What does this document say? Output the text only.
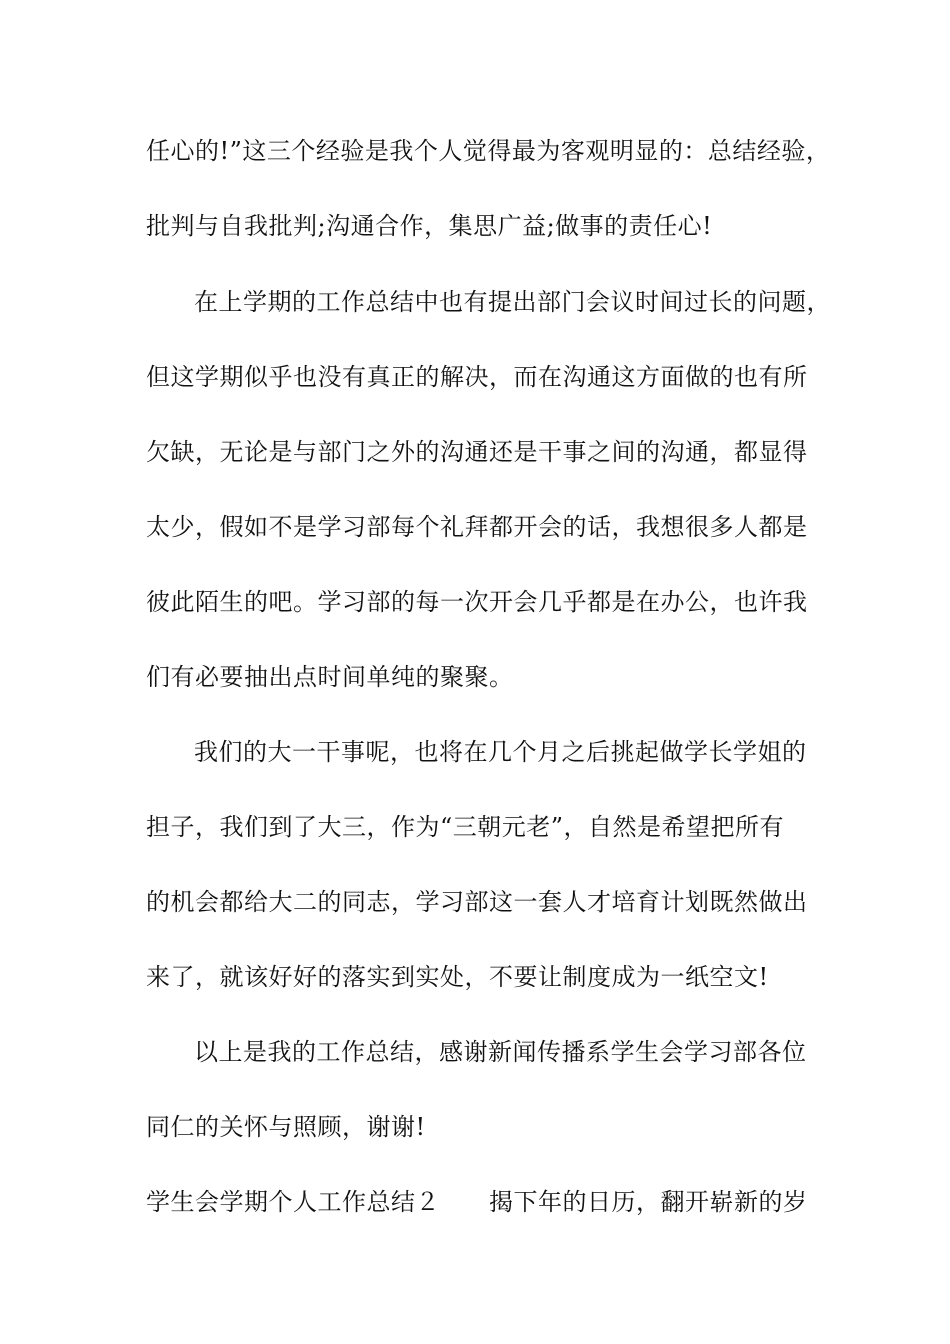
任心的!”这三个经验是我个人觉得最为客观明显的：总结经验，
批判与自我批判;沟通合作，集思广益;做事的责任心!
在上学期的工作总结中也有提出部门会议时间过长的问题，
但这学期似乎也没有真正的解决，而在沟通这方面做的也有所
欠缺，无论是与部门之外的沟通还是干事之间的沟通，都显得
太少，假如不是学习部每个礼拜都开会的话，我想很多人都是
彼此陌生的吧。学习部的每一次开会几乎都是在办公，也许我
们有必要抽出点时间单纯的聚聚。
我们的大一干事呢，也将在几个月之后挑起做学长学姐的
担子，我们到了大三，作为“三朝元老”，自然是希望把所有
的机会都给大二的同志，学习部这一套人才培育计划既然做出
来了，就该好好的落实到实处，不要让制度成为一纸空文!
以上是我的工作总结，感谢新闻传播系学生会学习部各位
同仁的关怀与照顾，谢谢!
学生会学期个人工作总结２　　揭下年的日历，翻开崭新的岁
